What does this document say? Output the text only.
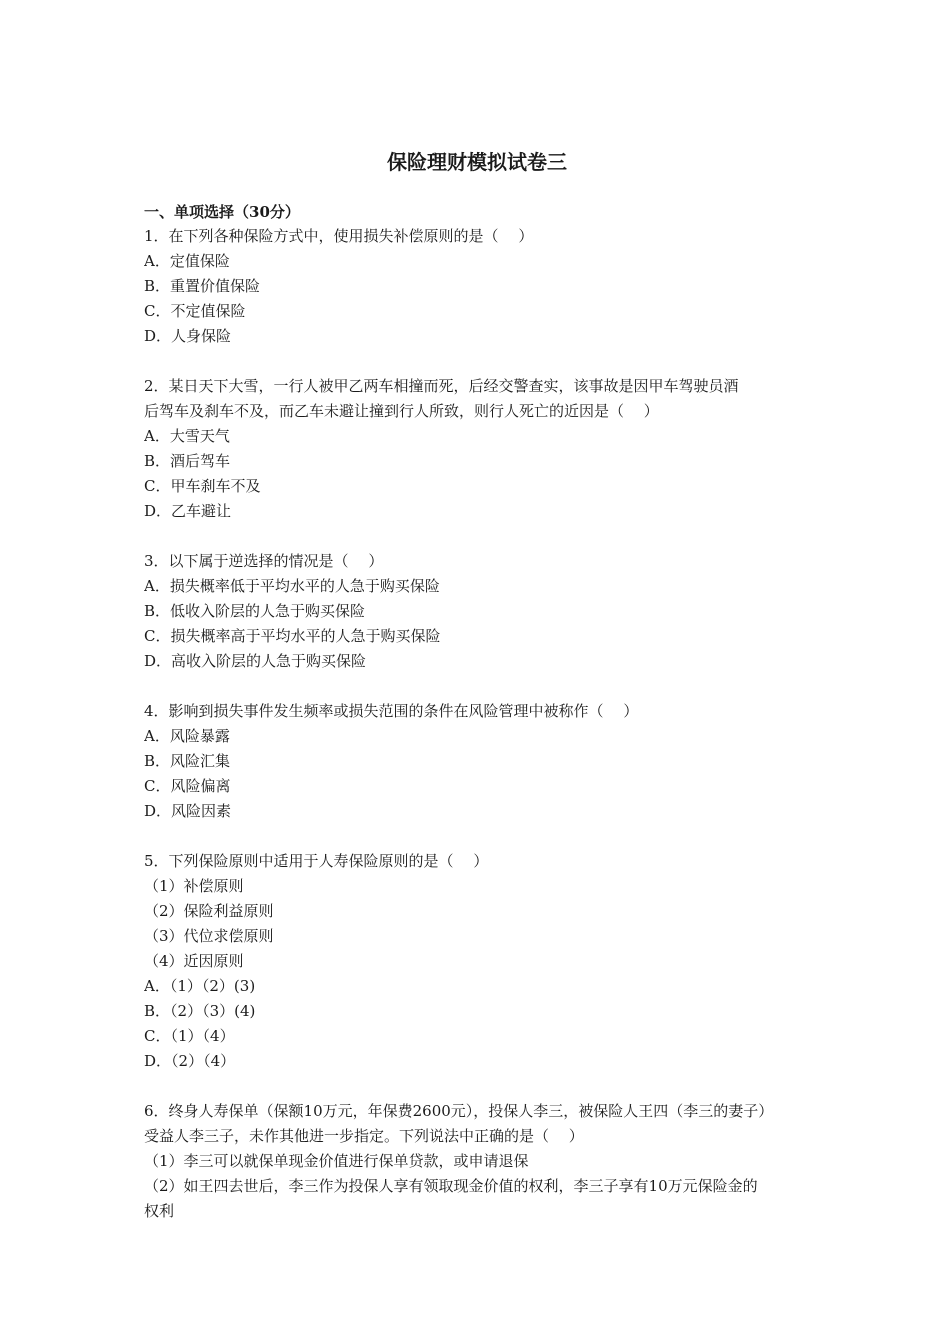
保险理财模拟试卷三
一、单项选择（30分）
1．在下列各种保险方式中，使用损失补偿原则的是（　 ）
A．定值保险
B．重置价值保险
C．不定值保险
D．人身保险
2．某日天下大雪，一行人被甲乙两车相撞而死，后经交警查实，该事故是因甲车驾驶员酒
后驾车及刹车不及，而乙车未避让撞到行人所致，则行人死亡的近因是（　 ）
A．大雪天气
B．酒后驾车
C．甲车刹车不及
D．乙车避让
3．以下属于逆选择的情况是（　 ）
A．损失概率低于平均水平的人急于购买保险
B．低收入阶层的人急于购买保险
C．损失概率高于平均水平的人急于购买保险
D．高收入阶层的人急于购买保险
4．影响到损失事件发生频率或损失范围的条件在风险管理中被称作（　 ）
A．风险暴露
B．风险汇集
C．风险偏离
D．风险因素
5．下列保险原则中适用于人寿保险原则的是（　 ）
（1）补偿原则
（2）保险利益原则
（3）代位求偿原则
（4）近因原则
A．（1）（2）(3)
B．（2）（3）(4)
C．（1）（4）
D．（2）（4）
6．终身人寿保单（保额10万元，年保费2600元），投保人李三，被保险人王四（李三的妻子）
受益人李三子，未作其他进一步指定。下列说法中正确的是（　 ）
（1）李三可以就保单现金价值进行保单贷款，或申请退保
（2）如王四去世后，李三作为投保人享有领取现金价值的权利，李三子享有10万元保险金的
权利
